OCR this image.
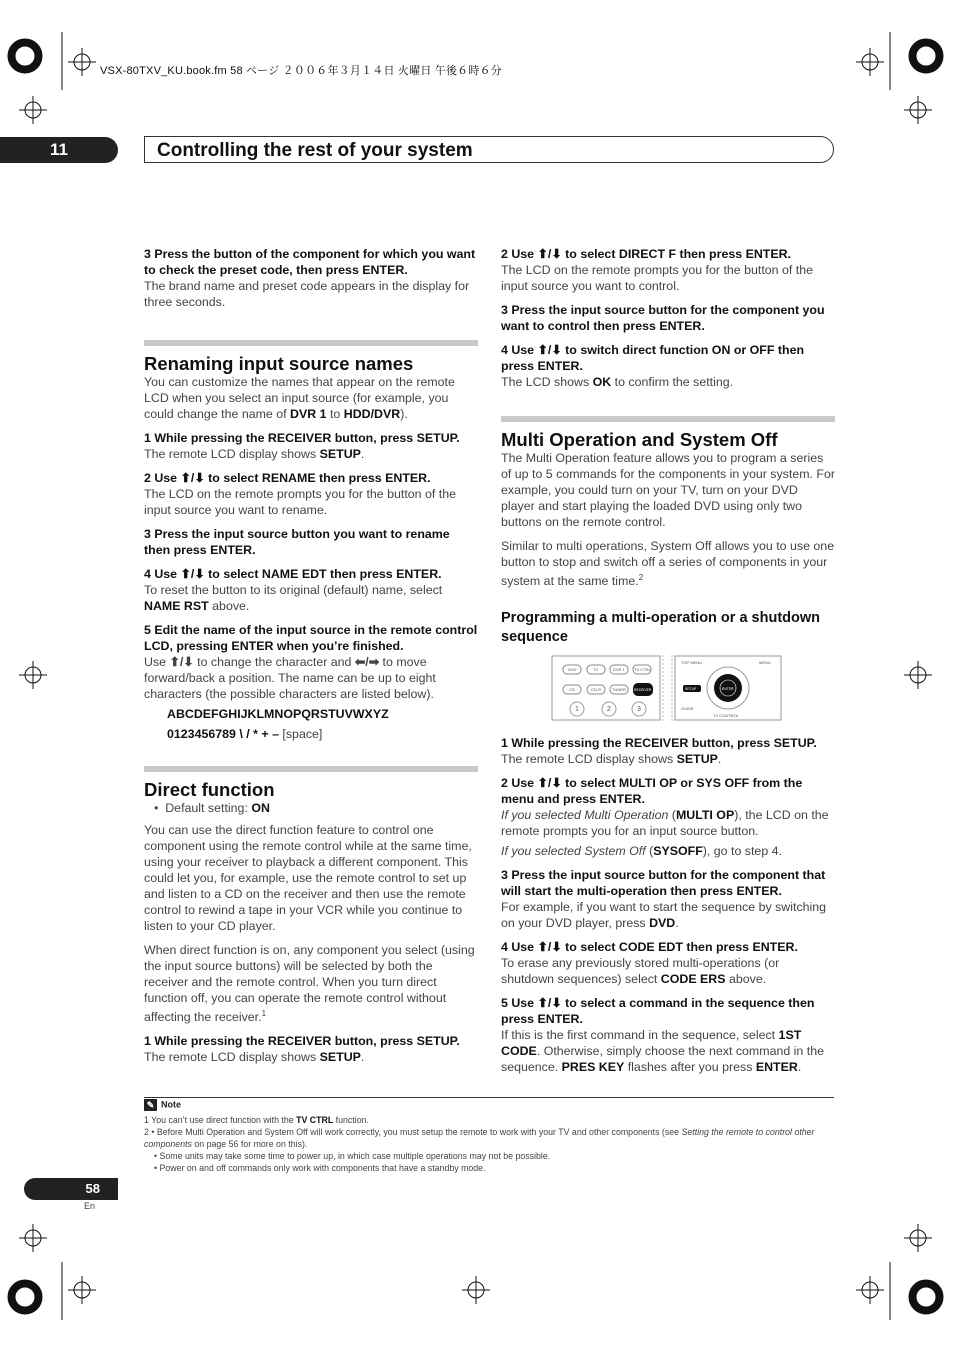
VSX-80TXV_KU.book.fm 58 ページ ２００６年３月１４日 火曜日 午後６時６分
11	Controlling the rest of your system

3 Press the button of the component for which you want to check the preset code, then press ENTER.

The brand name and preset code appears in the display for three seconds.

Renaming input source names

You can customize the names that appear on the remote LCD when you select an input source (for example, you could change the name of DVR 1 to HDD/DVR).

1 While pressing the RECEIVER button, press SETUP.

The remote LCD display shows SETUP.

2 Use ⬆/⬇ to select RENAME then press ENTER.

The LCD on the remote prompts you for the button of the input source you want to rename.

3 Press the input source button you want to rename then press ENTER.

4 Use ⬆/⬇ to select NAME EDT then press ENTER.

To reset the button to its original (default) name, select NAME RST above.

5 Edit the name of the input source in the remote control LCD, pressing ENTER when you’re finished.

Use ⬆/⬇ to change the character and ⬅/➡ to move forward/back a position. The name can be up to eight characters (the possible characters are listed below).

ABCDEFGHIJKLMNOPQRSTUVWXYZ

0123456789 \ / * + – [space]

Direct function

•  Default setting: ON

You can use the direct function feature to control one component using the remote control while at the same time, using your receiver to playback a different component. This could let you, for example, use the remote control to set up and listen to a CD on the receiver and then use the remote control to rewind a tape in your VCR while you continue to listen to your CD player.

When direct function is on, any component you select (using the input source buttons) will be selected by both the receiver and the remote control. When you turn direct function off, you can operate the remote control without affecting the receiver.$^1$

1 While pressing the RECEIVER button, press SETUP.

The remote LCD display shows SETUP.

2 Use ⬆/⬇ to select DIRECT F then press ENTER.

The LCD on the remote prompts you for the button of the input source you want to control.

3 Press the input source button for the component you want to control then press ENTER.

4 Use ⬆/⬇ to switch direct function ON or OFF then press ENTER.

The LCD shows OK to confirm the setting.

Multi Operation and System Off

The Multi Operation feature allows you to program a series of up to 5 commands for the components in your system. For example, you could turn on your TV, turn on your DVD player and start playing the loaded DVD using only two buttons on the remote control.

Similar to multi operations, System Off allows you to use one button to stop and switch off a series of components in your system at the same time.$^2$

Programming a multi-operation or a shutdown sequence
DVD	TV	DVR 1 TV CTRL
CD	CD-R	TUNER RECEIVER
1	2	3
TOP MENU	MENU
ENTER
SETUP
GUIDE
TV CONTROL

1 While pressing the RECEIVER button, press SETUP.

The remote LCD display shows SETUP.

2 Use ⬆/⬇ to select MULTI OP or SYS OFF from the menu and press ENTER.

If you selected Multi Operation (MULTI OP), the LCD on the remote prompts you for an input source button.

If you selected System Off (SYSOFF), go to step 4.

3 Press the input source button for the component that will start the multi-operation then press ENTER.

For example, if you want to start the sequence by switching on your DVD player, press DVD.

4 Use ⬆/⬇ to select CODE EDT then press ENTER.

To erase any previously stored multi-operations (or shutdown sequences) select CODE ERS above.

5 Use ⬆/⬇ to select a command in the sequence then press ENTER.

If this is the first command in the sequence, select 1ST CODE. Otherwise, simply choose the next command in the sequence. PRES KEY flashes after you press ENTER.

✎ Note

1 You can’t use direct function with the TV CTRL function.

2 • Before Multi Operation and System Off will work correctly, you must setup the remote to work with your TV and other components (see Setting the remote to control other components on page 56 for more on this).

• Some units may take some time to power up, in which case multiple operations may not be possible.

• Power on and off commands only work with components that have a standby mode.

58
En
